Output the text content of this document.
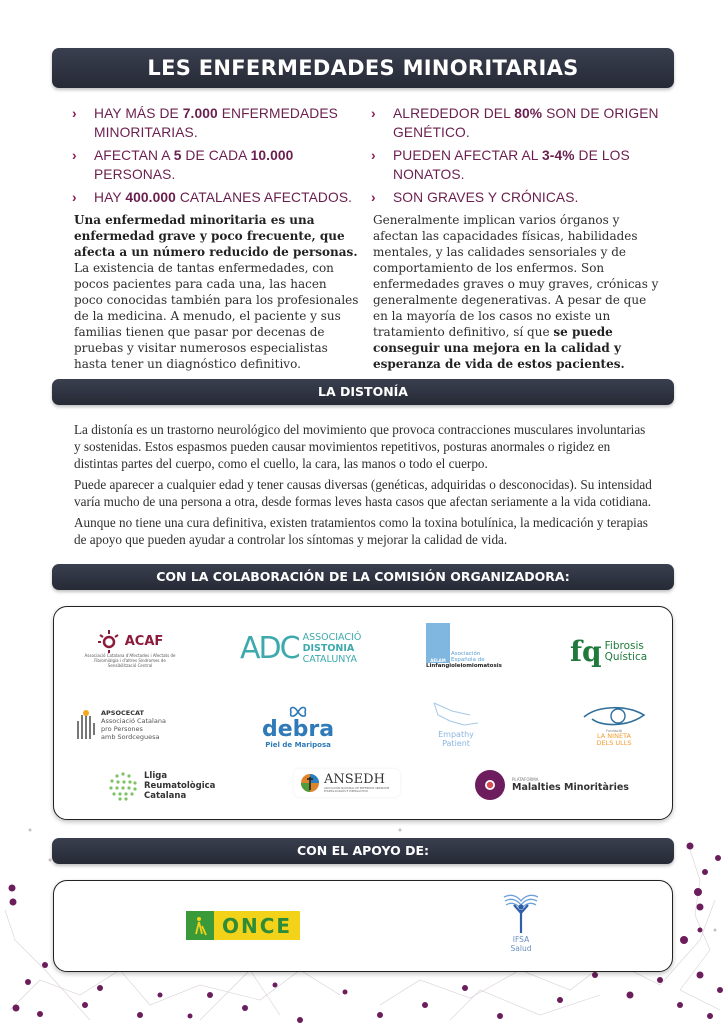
LES ENFERMEDADES MINORITARIAS
›	HAY MÁS DE 7.000 ENFERMEDADES MINORITARIAS.
›	AFECTAN A 5 DE CADA 10.000 PERSONAS.
›	HAY 400.000 CATALANES AFECTADOS.
›	ALREDEDOR DEL 80% SON DE ORIGEN GENÉTICO.
›	PUEDEN AFECTAR AL 3-4% DE LOS NONATOS.
›	SON GRAVES Y CRÓNICAS.
Una enfermedad minoritaria es una enfermedad grave y poco frecuente, que afecta a un número reducido de personas. La existencia de tantas enfermedades, con pocos pacientes para cada una, las hacen poco conocidas también para los profesionales de la medicina. A menudo, el paciente y sus familias tienen que pasar por decenas de pruebas y visitar numerosos especialistas hasta tener un diagnóstico definitivo.
Generalmente implican varios órganos y afectan las capacidades físicas, habilidades mentales, y las calidades sensoriales y de comportamiento de los enfermos. Son enfermedades graves o muy graves, crónicas y generalmente degenerativas. A pesar de que en la mayoría de los casos no existe un tratamiento definitivo, sí que se puede conseguir una mejora en la calidad y esperanza de vida de estos pacientes.
LA DISTONÍA

La distonía es un trastorno neurológico del movimiento que provoca contracciones musculares involuntarias y sostenidas. Estos espasmos pueden causar movimientos repetitivos, posturas anormales o rigidez en distintas partes del cuerpo, como el cuello, la cara, las manos o todo el cuerpo.

Puede aparecer a cualquier edad y tener causas diversas (genéticas, adquiridas o desconocidas). Su intensidad varía mucho de una persona a otra, desde formas leves hasta casos que afectan seriamente a la vida cotidiana.

Aunque no tiene una cura definitiva, existen tratamientos como la toxina botulínica, la medicación y terapias de apoyo que pueden ayudar a controlar los síntomas y mejorar la calidad de vida.

CON LA COLABORACIÓN DE LA COMISIÓN ORGANIZADORA:
ACAF
Associació Catalana d'Afectades i Afectats de Fibromiàlgia i d'altres Síndromes de Sensibilització Central	ADC ASSOCIACIÓ
DISTONIA
CATALUNYA	AELAM
Asociación
Española de
Linfangioleiomiomatosis fq Fibrosis
Quística
APSOCECAT
Associació Catalana
pro Persones
amb Sordceguesa	debra
Piel de Mariposa
Empathy
Patient
Fundació
LA NINETA
DELS ULLS
Lliga
Reumatològica
Catalana
ANSEDH
ASOCIACIÓN NACIONAL DE ENFERMOS SÍNDROME EHLERS-DANLOS E HIPERLAXITUD
PLATAFORMA
Malalties Minoritàries
CON EL APOYO DE:
ONCE
IFSA
Salud
